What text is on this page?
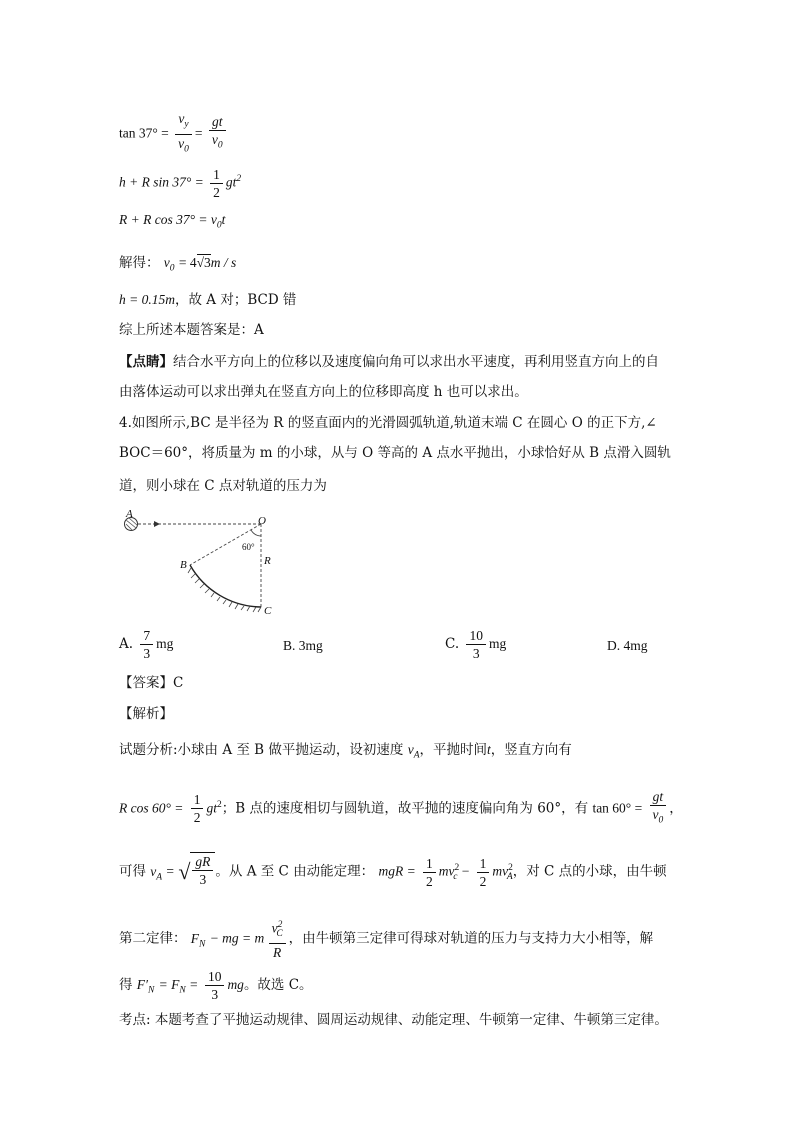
$\tan 37^\circ = \frac{v_y}{v_0} = \frac{gt}{v_0}$
h + R $\sin 37^\circ = \frac{1}{2} gt^2$
R + R $\cos 37^\circ = v_0t$
解得： $v_0 = 4√3m / s$
h = 0.15m，故 A 对；BCD 错
综上所述本题答案是：A
【点睛】结合水平方向上的位移以及速度偏向角可以求出水平速度，再利用竖直方向上的自
由落体运动可以求出弹丸在竖直方向上的位移即高度 h 也可以求出。
4.如图所示,BC 是半径为 R 的竖直面内的光滑圆弧轨道,轨道末端 C 在圆心 O 的正下方,∠
BOC＝60°，将质量为 m 的小球，从与 O 等高的 A 点水平抛出，小球恰好从 B 点滑入圆轨
道，则小球在 C 点对轨道的压力为
A
O
60°
R
B
C
A. $\frac{7}{3}$ mg	B. 3mg	C. $\frac{10}{3}$ mg	D. 4mg
【答案】C
【解析】
试题分析:小球由 A 至 B 做平抛运动，设初速度 $v_A$，平抛时间t，竖直方向有
R $\cos 60^\circ = \frac{1}{2} gt^2$；B 点的速度相切与圆轨道，故平抛的速度偏向角为 60°，有 $\tan 60^\circ = \frac{gt}{v_0}$ ，
可得 $v_A$ = √ $\frac{gR}{3}$ 。从 A 至 C 由动能定理： mgR = $\frac{1}{2} mv^2_c - \frac{1}{2} mv^2_A$，对 C 点的小球，由牛顿
第二定律： $F_N$ − mg = m $\frac{v^2_C}{R}$ ，由牛顿第三定律可得球对轨道的压力与支持力大小相等，解
得 $F'_N = F_N = \frac{10}{3}$ mg。故选 C。
考点: 本题考查了平抛运动规律、圆周运动规律、动能定理、牛顿第一定律、牛顿第三定律。
